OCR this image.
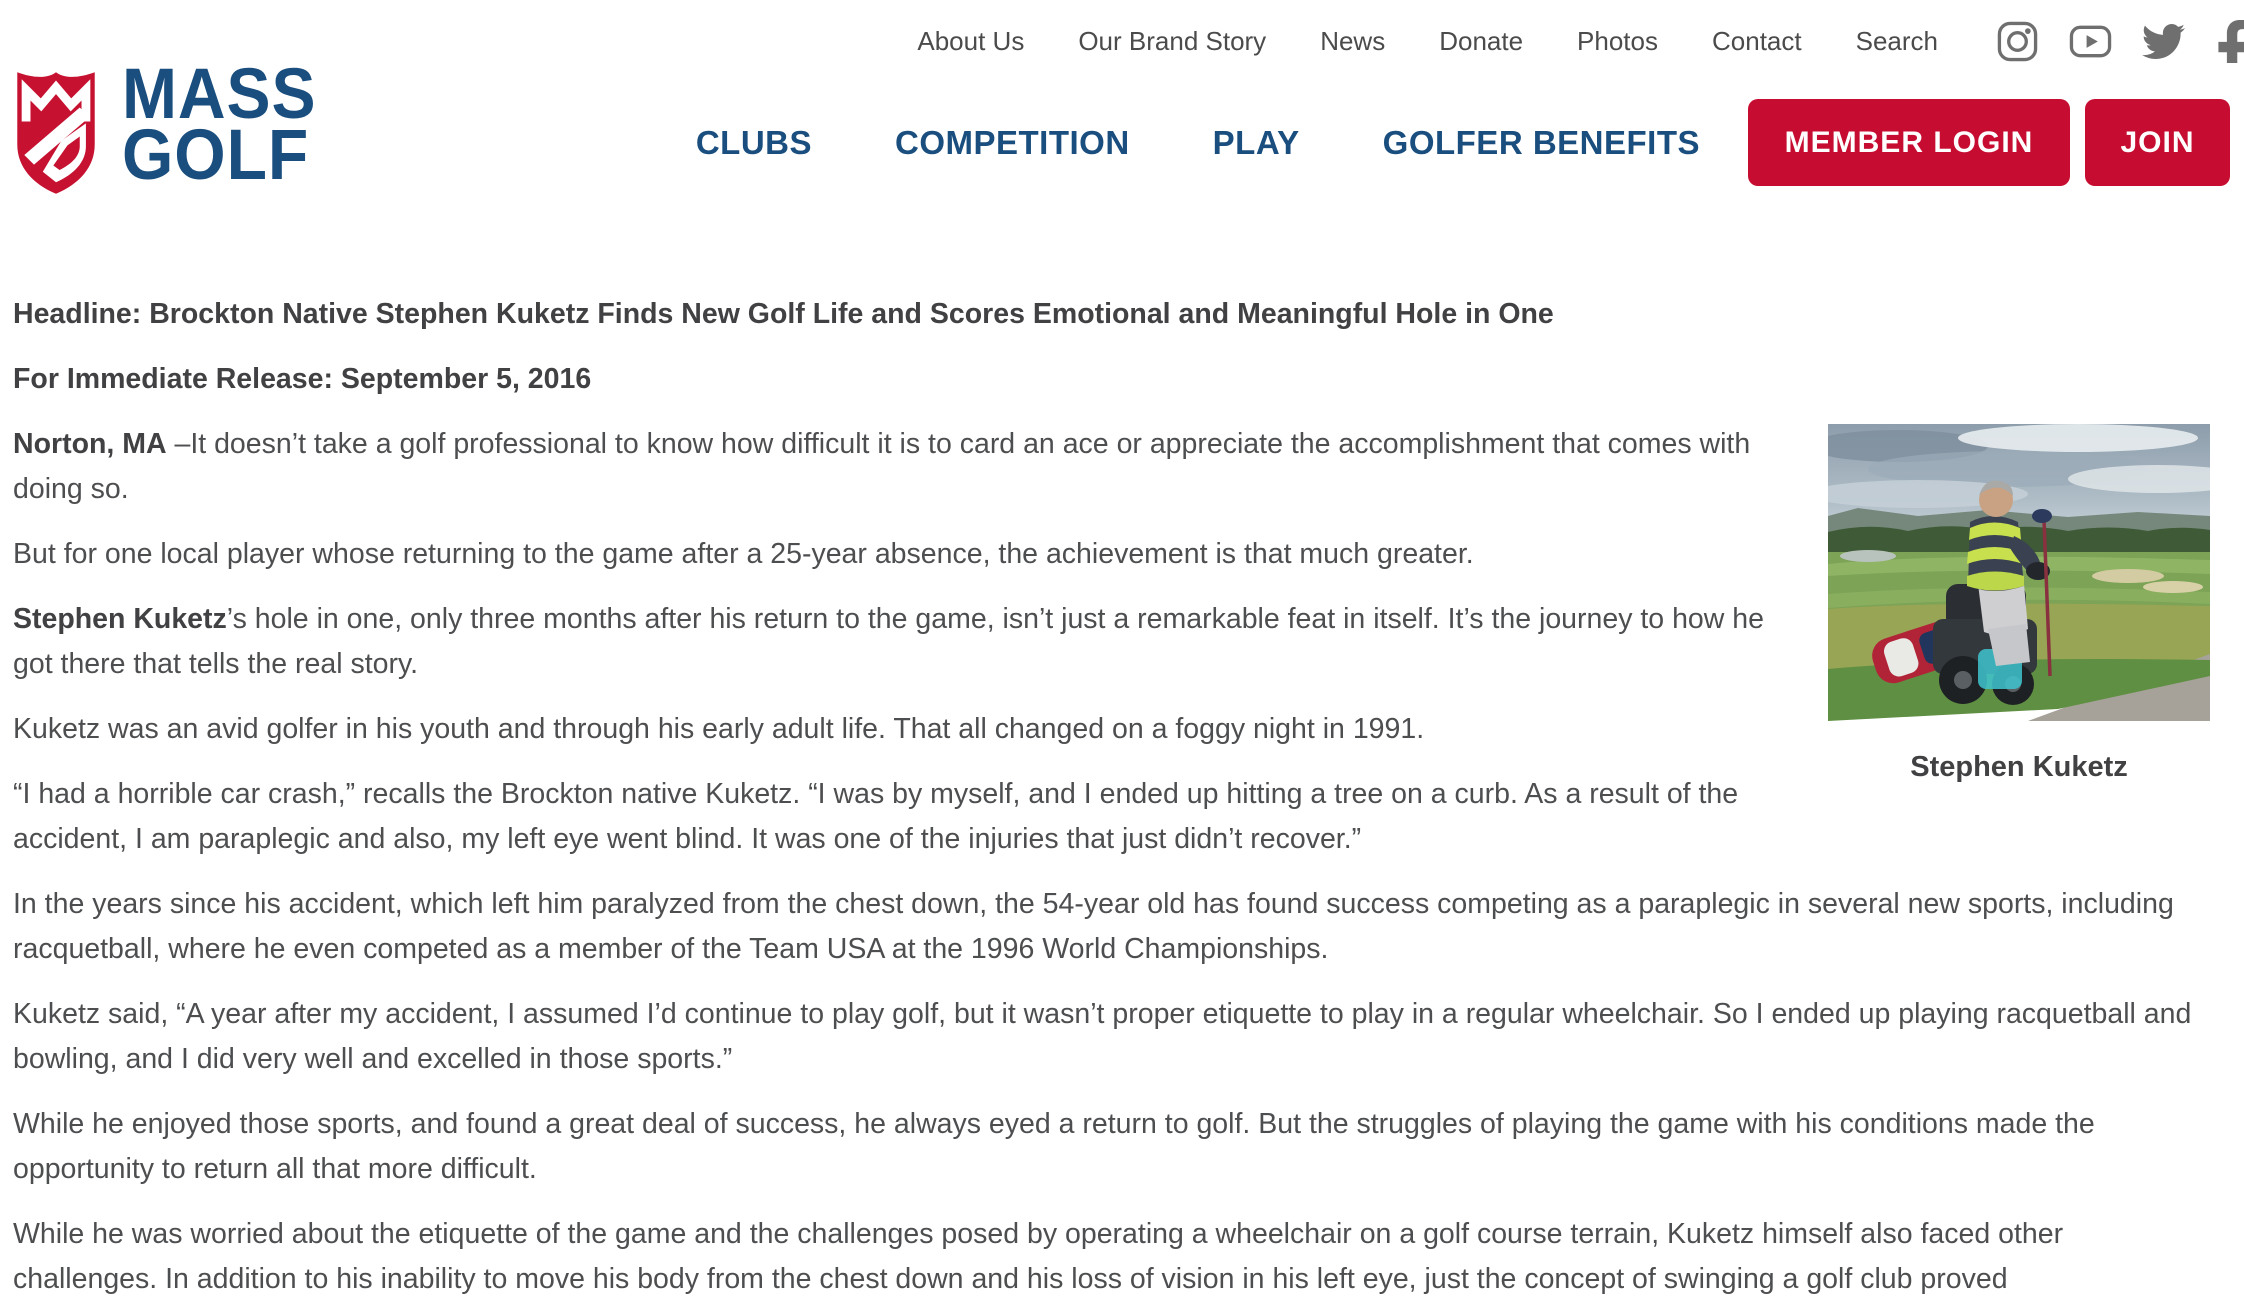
MASS
GOLF
About Us Our Brand Story News Donate Photos Contact Search
CLUBS	COMPETITION	PLAY	GOLFER BENEFITS	MEMBER LOGIN	JOIN

Headline: Brockton Native Stephen Kuketz Finds New Golf Life and Scores Emotional and Meaningful Hole in One

For Immediate Release: September 5, 2016

Stephen Kuketz

Norton, MA –It doesn’t take a golf professional to know how difficult it is to card an ace or appreciate the accomplishment that comes with doing so.

But for one local player whose returning to the game after a 25-year absence, the achievement is that much greater.

Stephen Kuketz’s hole in one, only three months after his return to the game, isn’t just a remarkable feat in itself. It’s the journey to how he got there that tells the real story.

Kuketz was an avid golfer in his youth and through his early adult life. That all changed on a foggy night in 1991.

“I had a horrible car crash,” recalls the Brockton native Kuketz. “I was by myself, and I ended up hitting a tree on a curb. As a result of the accident, I am paraplegic and also, my left eye went blind. It was one of the injuries that just didn’t recover.”

In the years since his accident, which left him paralyzed from the chest down, the 54-year old has found success competing as a paraplegic in several new sports, including racquetball, where he even competed as a member of the Team USA at the 1996 World Championships.

Kuketz said, “A year after my accident, I assumed I’d continue to play golf, but it wasn’t proper etiquette to play in a regular wheelchair. So I ended up playing racquetball and bowling, and I did very well and excelled in those sports.”

While he enjoyed those sports, and found a great deal of success, he always eyed a return to golf. But the struggles of playing the game with his conditions made the opportunity to return all that more difficult.

While he was worried about the etiquette of the game and the challenges posed by operating a wheelchair on a golf course terrain, Kuketz himself also faced other challenges. In addition to his inability to move his body from the chest down and his loss of vision in his left eye, just the concept of swinging a golf club proved
